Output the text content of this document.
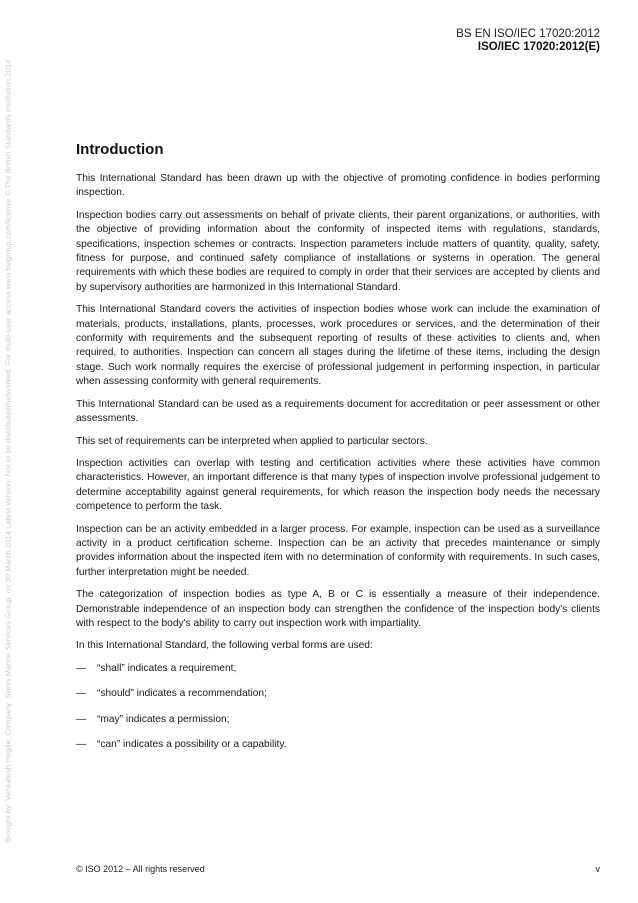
Brought by: Venkatesh Hegde, Company: Swiss Marine Services Group, on 30 March 2014 Latest version. Not to be distributed/networked. For multi-user access www.bsigroup.com/license © The British Standards Institution 2014
BS EN ISO/IEC 17020:2012
ISO/IEC 17020:2012(E)
Introduction

This International Standard has been drawn up with the objective of promoting confidence in bodies performing inspection.

Inspection bodies carry out assessments on behalf of private clients, their parent organizations, or authorities, with the objective of providing information about the conformity of inspected items with regulations, standards, specifications, inspection schemes or contracts. Inspection parameters include matters of quantity, quality, safety, fitness for purpose, and continued safety compliance of installations or systems in operation. The general requirements with which these bodies are required to comply in order that their services are accepted by clients and by supervisory authorities are harmonized in this International Standard.

This International Standard covers the activities of inspection bodies whose work can include the examination of materials, products, installations, plants, processes, work procedures or services, and the determination of their conformity with requirements and the subsequent reporting of results of these activities to clients and, when required, to authorities. Inspection can concern all stages during the lifetime of these items, including the design stage. Such work normally requires the exercise of professional judgement in performing inspection, in particular when assessing conformity with general requirements.

This International Standard can be used as a requirements document for accreditation or peer assessment or other assessments.

This set of requirements can be interpreted when applied to particular sectors.

Inspection activities can overlap with testing and certification activities where these activities have common characteristics. However, an important difference is that many types of inspection involve professional judgement to determine acceptability against general requirements, for which reason the inspection body needs the necessary competence to perform the task.

Inspection can be an activity embedded in a larger process. For example, inspection can be used as a surveillance activity in a product certification scheme. Inspection can be an activity that precedes maintenance or simply provides information about the inspected item with no determination of conformity with requirements. In such cases, further interpretation might be needed.

The categorization of inspection bodies as type A, B or C is essentially a measure of their independence. Demonstrable independence of an inspection body can strengthen the confidence of the inspection body's clients with respect to the body's ability to carry out inspection work with impartiality.

In this International Standard, the following verbal forms are used:

— “shall” indicates a requirement;
— “should” indicates a recommendation;
— “may” indicates a permission;
— “can” indicates a possibility or a capability.
© ISO 2012 – All rights reserved	v
